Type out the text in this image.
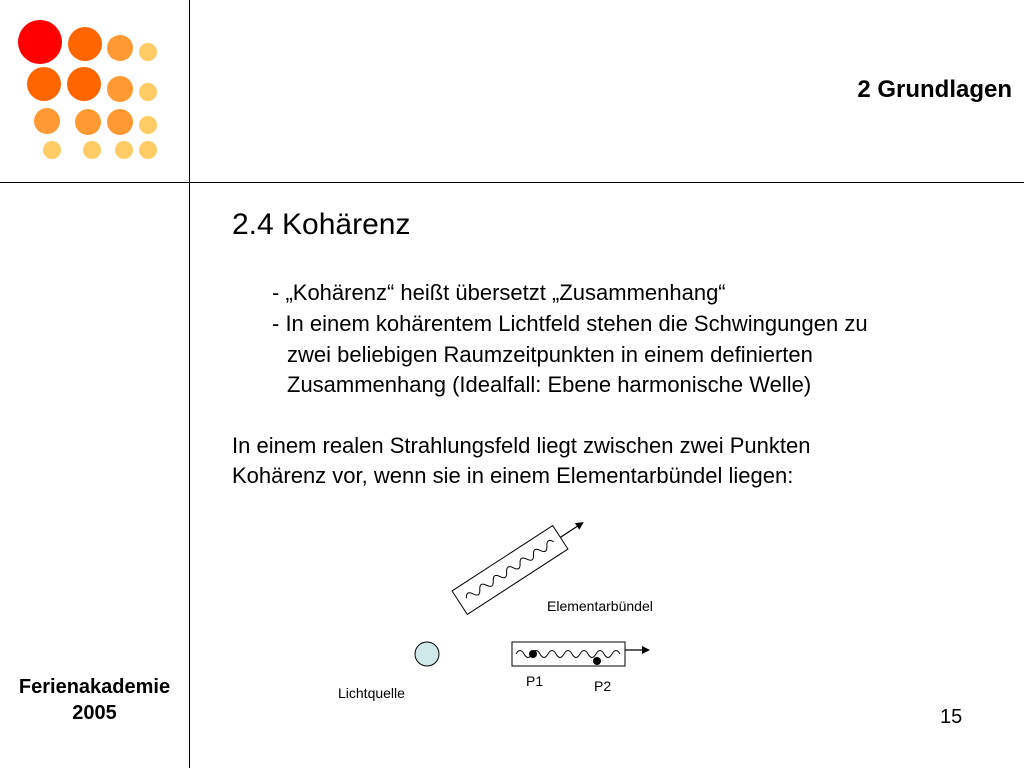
2 Grundlagen
2.4 Kohärenz
- „Kohärenz“ heißt übersetzt „Zusammenhang“
- In einem kohärentem Lichtfeld stehen die Schwingungen zu
zwei beliebigen Raumzeitpunkten in einem definierten
Zusammenhang (Idealfall: Ebene harmonische Welle)
In einem realen Strahlungsfeld liegt zwischen zwei Punkten
Kohärenz vor, wenn sie in einem Elementarbündel liegen:
Elementarbündel
Lichtquelle
P1	P2
Ferienakademie
2005	15
